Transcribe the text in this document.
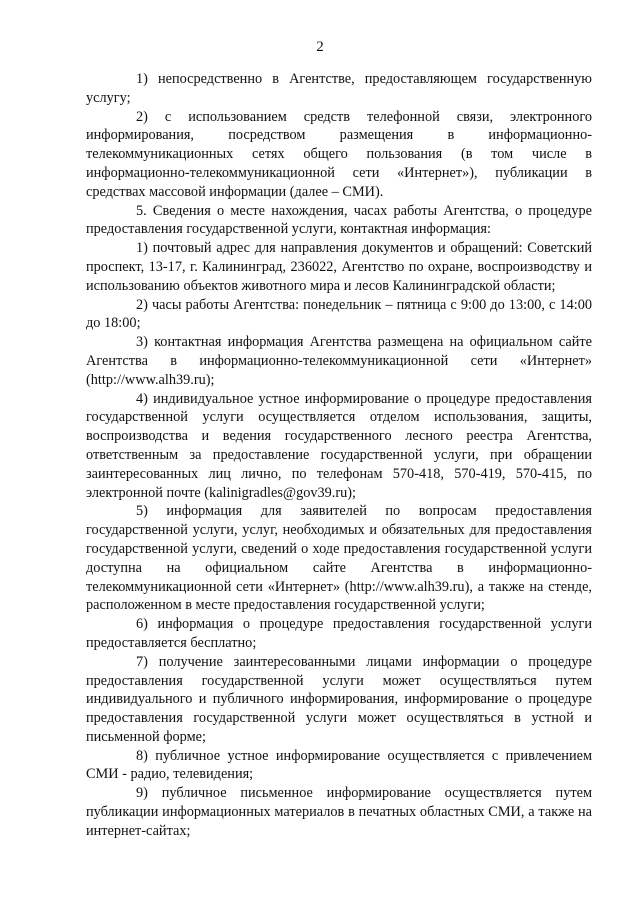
2

1) непосредственно в Агентстве, предоставляющем государственную услугу;

2) с использованием средств телефонной связи, электронного информирования, посредством размещения в информационно-телекоммуникационных сетях общего пользования (в том числе в информационно-телекоммуникационной сети «Интернет»), публикации в средствах массовой информации (далее – СМИ).

5. Сведения о месте нахождения, часах работы Агентства, о процедуре предоставления государственной услуги, контактная информация:

1) почтовый адрес для направления документов и обращений: Советский проспект, 13-17, г. Калининград, 236022, Агентство по охране, воспроизводству и использованию объектов животного мира и лесов Калининградской области;

2) часы работы Агентства: понедельник – пятница с 9:00 до 13:00, с 14:00 до 18:00;

3) контактная информация Агентства размещена на официальном сайте Агентства в информационно-телекоммуникационной сети «Интернет» (http://www.alh39.ru);

4) индивидуальное устное информирование о процедуре предоставления государственной услуги осуществляется отделом использования, защиты, воспроизводства и ведения государственного лесного реестра Агентства, ответственным за предоставление государственной услуги, при обращении заинтересованных лиц лично, по телефонам 570-418, 570-419, 570-415, по электронной почте (kalinigradles@gov39.ru);

5) информация для заявителей по вопросам предоставления государственной услуги, услуг, необходимых и обязательных для предоставления государственной услуги, сведений о ходе предоставления государственной услуги доступна на официальном сайте Агентства в информационно-телекоммуникационной сети «Интернет» (http://www.alh39.ru), а также на стенде, расположенном в месте предоставления государственной услуги;

6) информация о процедуре предоставления государственной услуги предоставляется бесплатно;

7) получение заинтересованными лицами информации о процедуре предоставления государственной услуги может осуществляться путем индивидуального и публичного информирования, информирование о процедуре предоставления государственной услуги может осуществляться в устной и письменной форме;

8) публичное устное информирование осуществляется с привлечением СМИ - радио, телевидения;

9) публичное письменное информирование осуществляется путем публикации информационных материалов в печатных областных СМИ, а также на интернет-сайтах;
